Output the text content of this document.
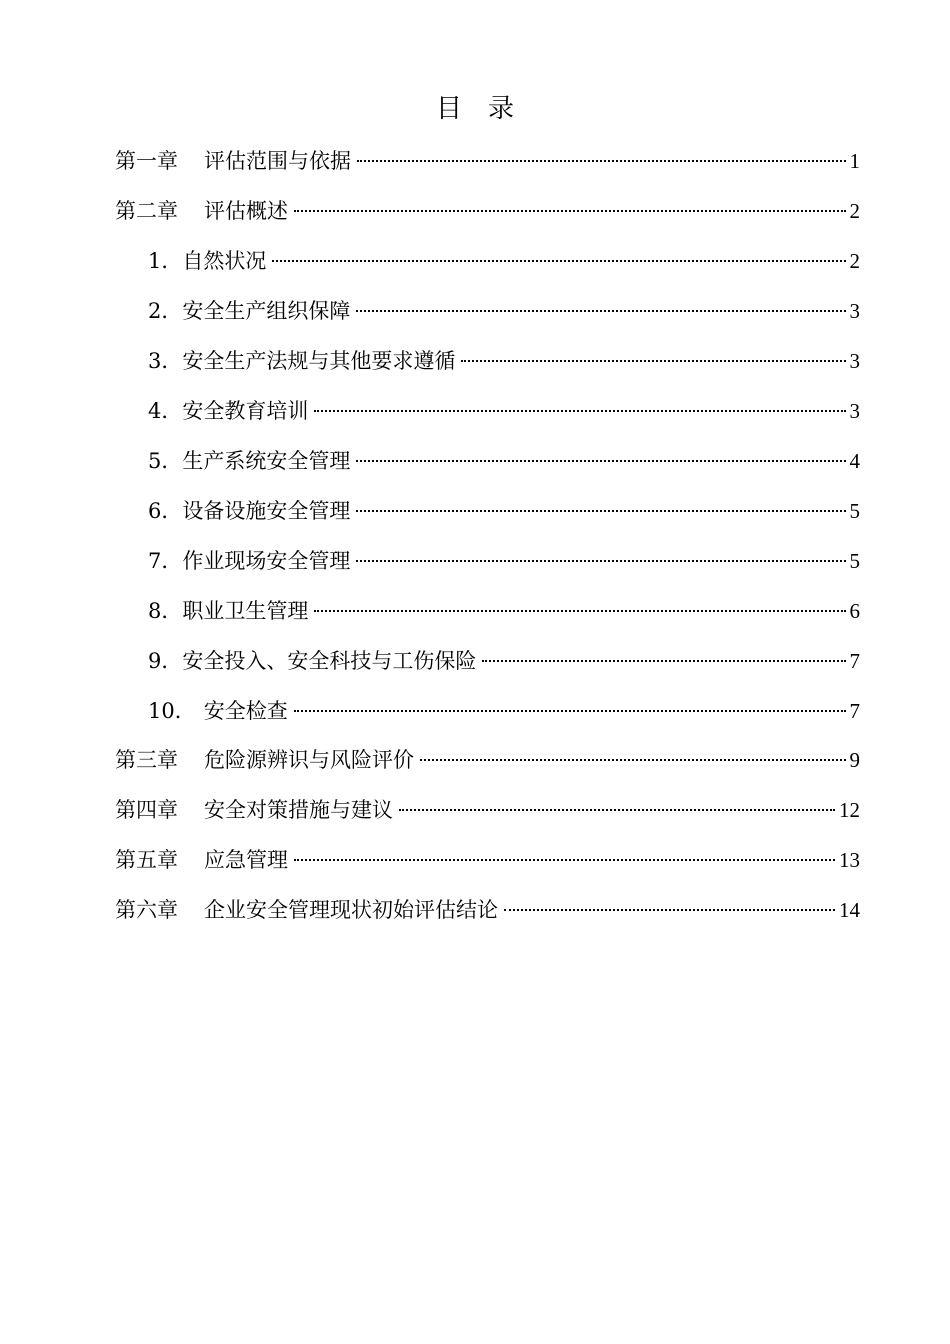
目　录
第一章 评估范围与依据	1
第二章 评估概述	2
1．自然状况	2
2．安全生产组织保障	3
3．安全生产法规与其他要求遵循	3
4．安全教育培训	3
5．生产系统安全管理	4
6．设备设施安全管理	5
7．作业现场安全管理	5
8．职业卫生管理	6
9．安全投入、安全科技与工伤保险	7
10． 安全检查	7
第三章 危险源辨识与风险评价	9
第四章 安全对策措施与建议	12
第五章 应急管理	13
第六章 企业安全管理现状初始评估结论	14
